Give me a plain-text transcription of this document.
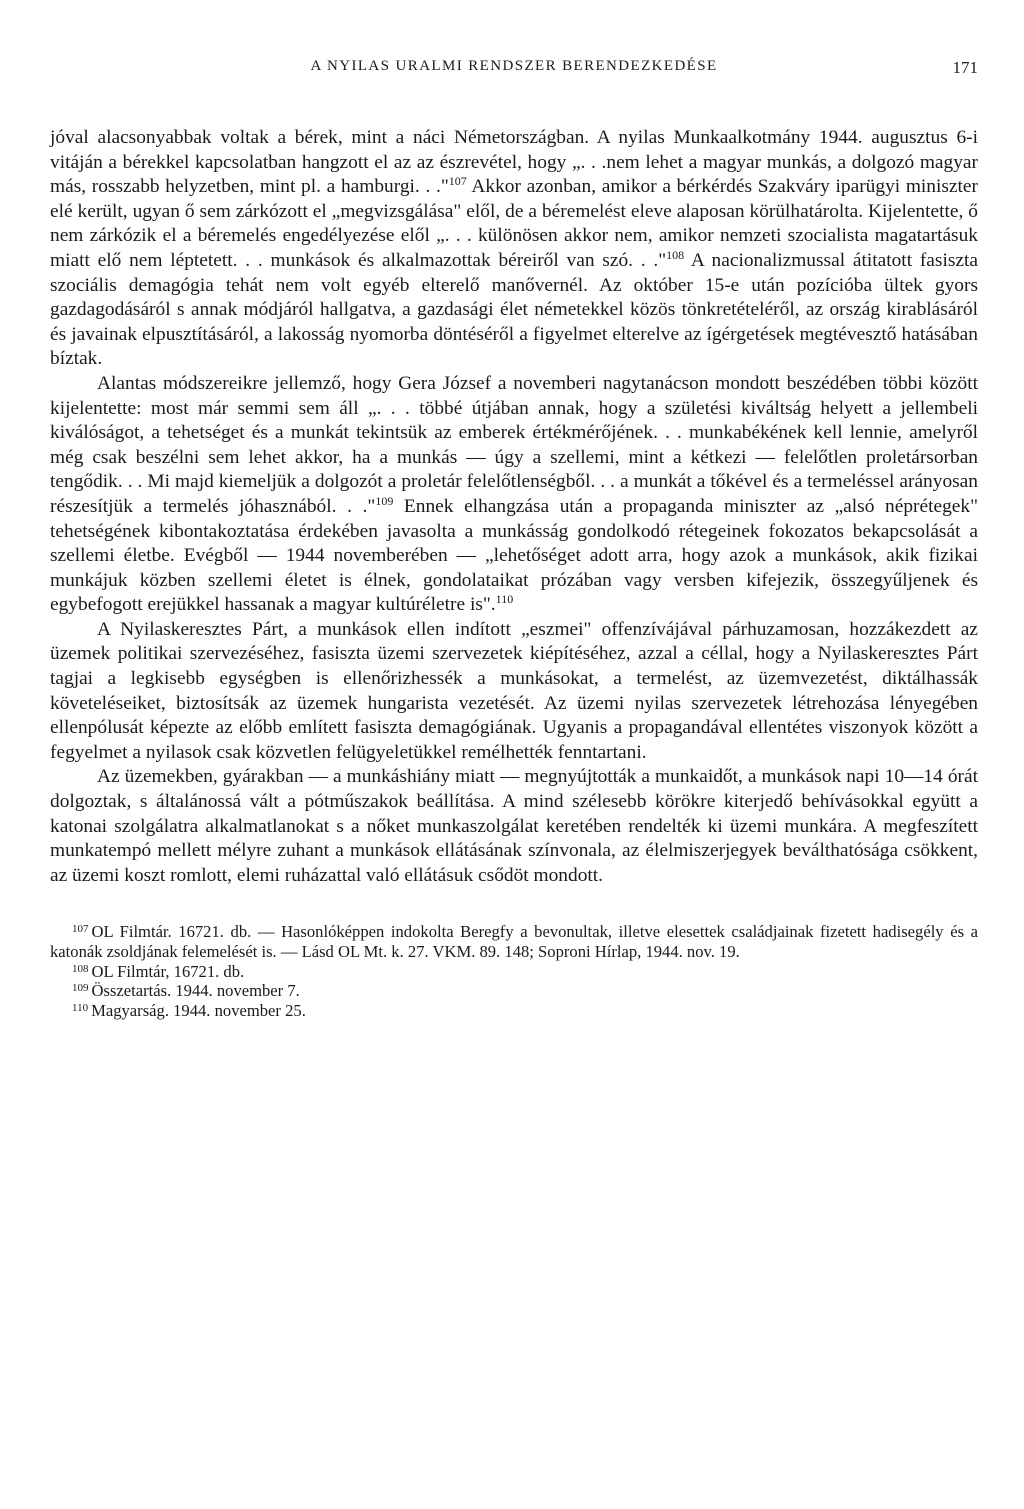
A NYILAS URALMI RENDSZER BERENDEZKEDÉSE	171

jóval alacsonyabbak voltak a bérek, mint a náci Németországban. A nyilas Munkaalkotmány 1944. augusztus 6-i vitáján a bérekkel kapcsolatban hangzott el az az észrevétel, hogy „. . .nem lehet a magyar munkás, a dolgozó magyar más, rosszabb helyzetben, mint pl. a hamburgi. . ."$^{107}$ Akkor azonban, amikor a bérkérdés Szakváry iparügyi miniszter elé került, ugyan ő sem zárkózott el „megvizsgálása" elől, de a béremelést eleve alaposan körülhatárolta. Kijelentette, ő nem zárkózik el a béremelés engedélyezése elől „. . . különösen akkor nem, amikor nemzeti szocialista magatartásuk miatt elő nem léptetett. . . munkások és alkalmazottak béreiről van szó. . ."$^{108}$ A nacionalizmussal átitatott fasiszta szociális demagógia tehát nem volt egyéb elterelő manővernél. Az október 15-e után pozícióba ültek gyors gazdagodásáról s annak módjáról hallgatva, a gazdasági élet németekkel közös tönkretételéről, az ország kirablásáról és javainak elpusztításáról, a lakosság nyomorba döntéséről a figyelmet elterelve az ígérgetések megtévesztő hatásában bíztak.

Alantas módszereikre jellemző, hogy Gera József a novemberi nagytanácson mondott beszédében többi között kijelentette: most már semmi sem áll „. . . többé útjában annak, hogy a születési kiváltság helyett a jellembeli kiválóságot, a tehetséget és a munkát tekintsük az emberek értékmérőjének. . . munkabékének kell lennie, amelyről még csak beszélni sem lehet akkor, ha a munkás — úgy a szellemi, mint a kétkezi — felelőtlen proletársorban tengődik. . . Mi majd kiemeljük a dolgozót a proletár felelőtlenségből. . . a munkát a tőkével és a termeléssel arányosan részesítjük a termelés jóhasznából. . ."$^{109}$ Ennek elhangzása után a propaganda miniszter az „alsó néprétegek" tehetségének kibontakoztatása érdekében javasolta a munkásság gondolkodó rétegeinek fokozatos bekapcsolását a szellemi életbe. Evégből — 1944 novemberében — „lehetőséget adott arra, hogy azok a munkások, akik fizikai munkájuk közben szellemi életet is élnek, gondolataikat prózában vagy versben kifejezik, összegyűljenek és egybefogott erejükkel hassanak a magyar kultúréletre is".$^{110}$

A Nyilaskeresztes Párt, a munkások ellen indított „eszmei" offenzívájával párhuzamosan, hozzákezdett az üzemek politikai szervezéséhez, fasiszta üzemi szervezetek kiépítéséhez, azzal a céllal, hogy a Nyilaskeresztes Párt tagjai a legkisebb egységben is ellenőrizhessék a munkásokat, a termelést, az üzemvezetést, diktálhassák követeléseiket, biztosítsák az üzemek hungarista vezetését. Az üzemi nyilas szervezetek létrehozása lényegében ellenpólusát képezte az előbb említett fasiszta demagógiának. Ugyanis a propagandával ellentétes viszonyok között a fegyelmet a nyilasok csak közvetlen felügyeletükkel remélhették fenntartani.

Az üzemekben, gyárakban — a munkáshiány miatt — megnyújtották a munkaidőt, a munkások napi 10—14 órát dolgoztak, s általánossá vált a pótműszakok beállítása. A mind szélesebb körökre kiterjedő behívásokkal együtt a katonai szolgálatra alkalmatlanokat s a nőket munkaszolgálat keretében rendelték ki üzemi munkára. A megfeszített munkatempó mellett mélyre zuhant a munkások ellátásának színvonala, az élelmiszerjegyek beválthatósága csökkent, az üzemi koszt romlott, elemi ruházattal való ellátásuk csődöt mondott.

$^{107}$ OL Filmtár. 16721. db. — Hasonlóképpen indokolta Beregfy a bevonultak, illetve elesettek családjainak fizetett hadisegély és a katonák zsoldjának felemelését is. — Lásd OL Mt. k. 27. VKM. 89. 148; Soproni Hírlap, 1944. nov. 19.

$^{108}$ OL Filmtár, 16721. db.

$^{109}$ Összetartás. 1944. november 7.

$^{110}$ Magyarság. 1944. november 25.
